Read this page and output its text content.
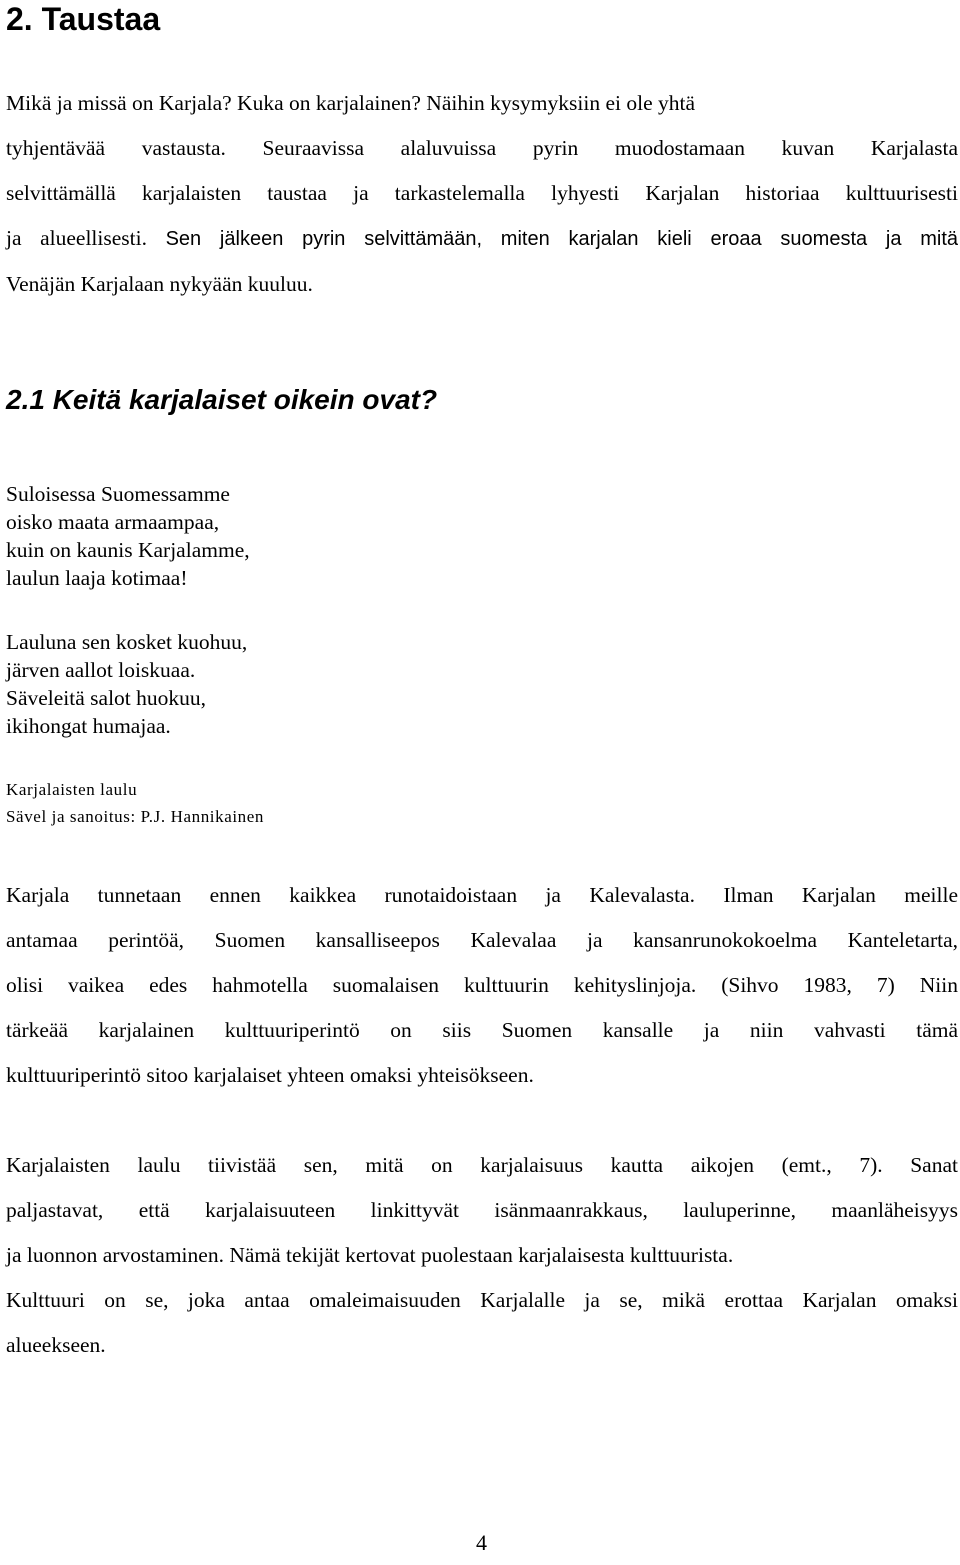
2. Taustaa
Mikä ja missä on Karjala? Kuka on karjalainen? Näihin kysymyksiin ei ole yhtä
tyhjentävää vastausta. Seuraavissa alaluvuissa pyrin muodostamaan kuvan Karjalasta
selvittämällä karjalaisten taustaa ja tarkastelemalla lyhyesti Karjalan historiaa kulttuurisesti
ja alueellisesti. Sen jälkeen pyrin selvittämään, miten karjalan kieli eroaa suomesta ja mitä
Venäjän Karjalaan nykyään kuuluu.
2.1 Keitä karjalaiset oikein ovat?
Suloisessa Suomessamme
oisko maata armaampaa,
kuin on kaunis Karjalamme,
laulun laaja kotimaa!
Lauluna sen kosket kuohuu,
järven aallot loiskuaa.
Säveleitä salot huokuu,
ikihongat humajaa.
Karjalaisten laulu
Sävel ja sanoitus: P.J. Hannikainen
Karjala tunnetaan ennen kaikkea runotaidoistaan ja Kalevalasta. Ilman Karjalan meille
antamaa perintöä, Suomen kansalliseepos Kalevalaa ja kansanrunokokoelma Kanteletarta,
olisi vaikea edes hahmotella suomalaisen kulttuurin kehityslinjoja. (Sihvo 1983, 7) Niin
tärkeää karjalainen kulttuuriperintö on siis Suomen kansalle ja niin vahvasti tämä
kulttuuriperintö sitoo karjalaiset yhteen omaksi yhteisökseen.
Karjalaisten laulu tiivistää sen, mitä on karjalaisuus kautta aikojen (emt., 7). Sanat
paljastavat, että karjalaisuuteen linkittyvät isänmaanrakkaus, lauluperinne, maanläheisyys
ja luonnon arvostaminen. Nämä tekijät kertovat puolestaan karjalaisesta kulttuurista.
Kulttuuri on se, joka antaa omaleimaisuuden Karjalalle ja se, mikä erottaa Karjalan omaksi
alueekseen.
4
